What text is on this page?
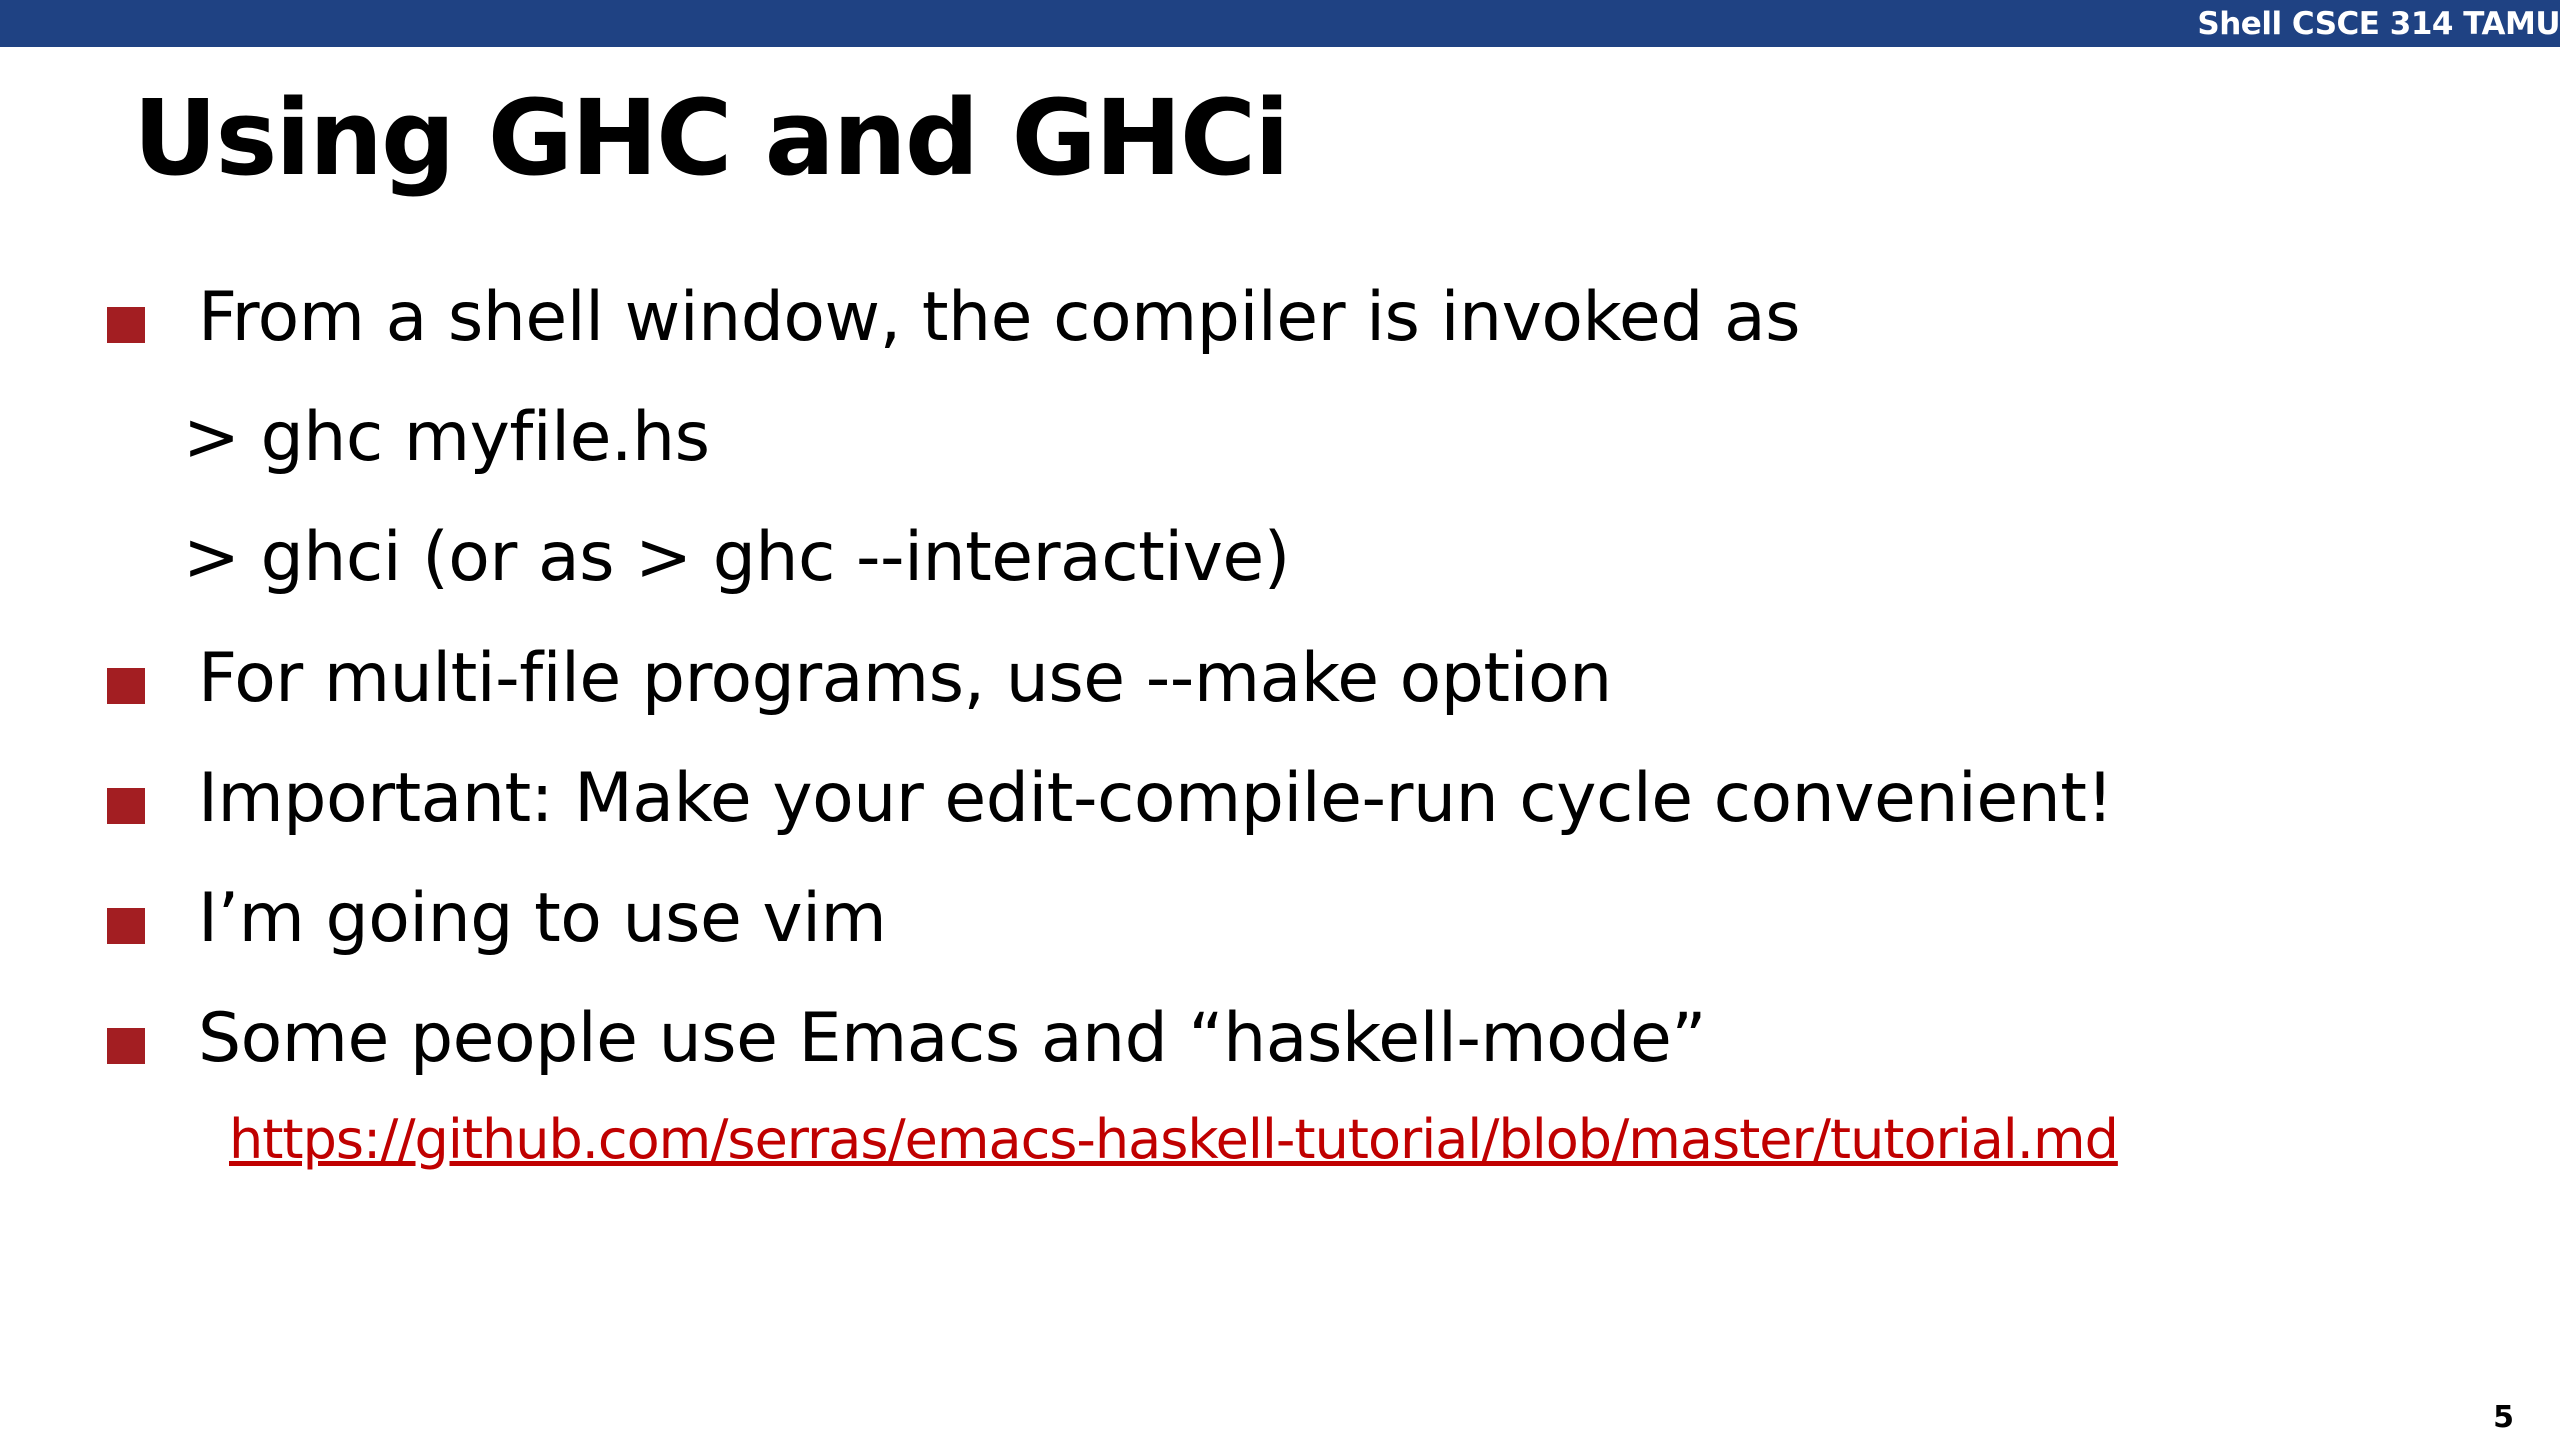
Shell CSCE 314 TAMU
Using GHC and GHCi
From a shell window, the compiler is invoked as
> ghc myfile.hs
> ghci (or as > ghc --interactive)
For multi-file programs, use --make option
Important: Make your edit-compile-run cycle convenient!
I’m going to use vim
Some people use Emacs and “haskell-mode”
https://github.com/serras/emacs-haskell-tutorial/blob/master/tutorial.md
5
